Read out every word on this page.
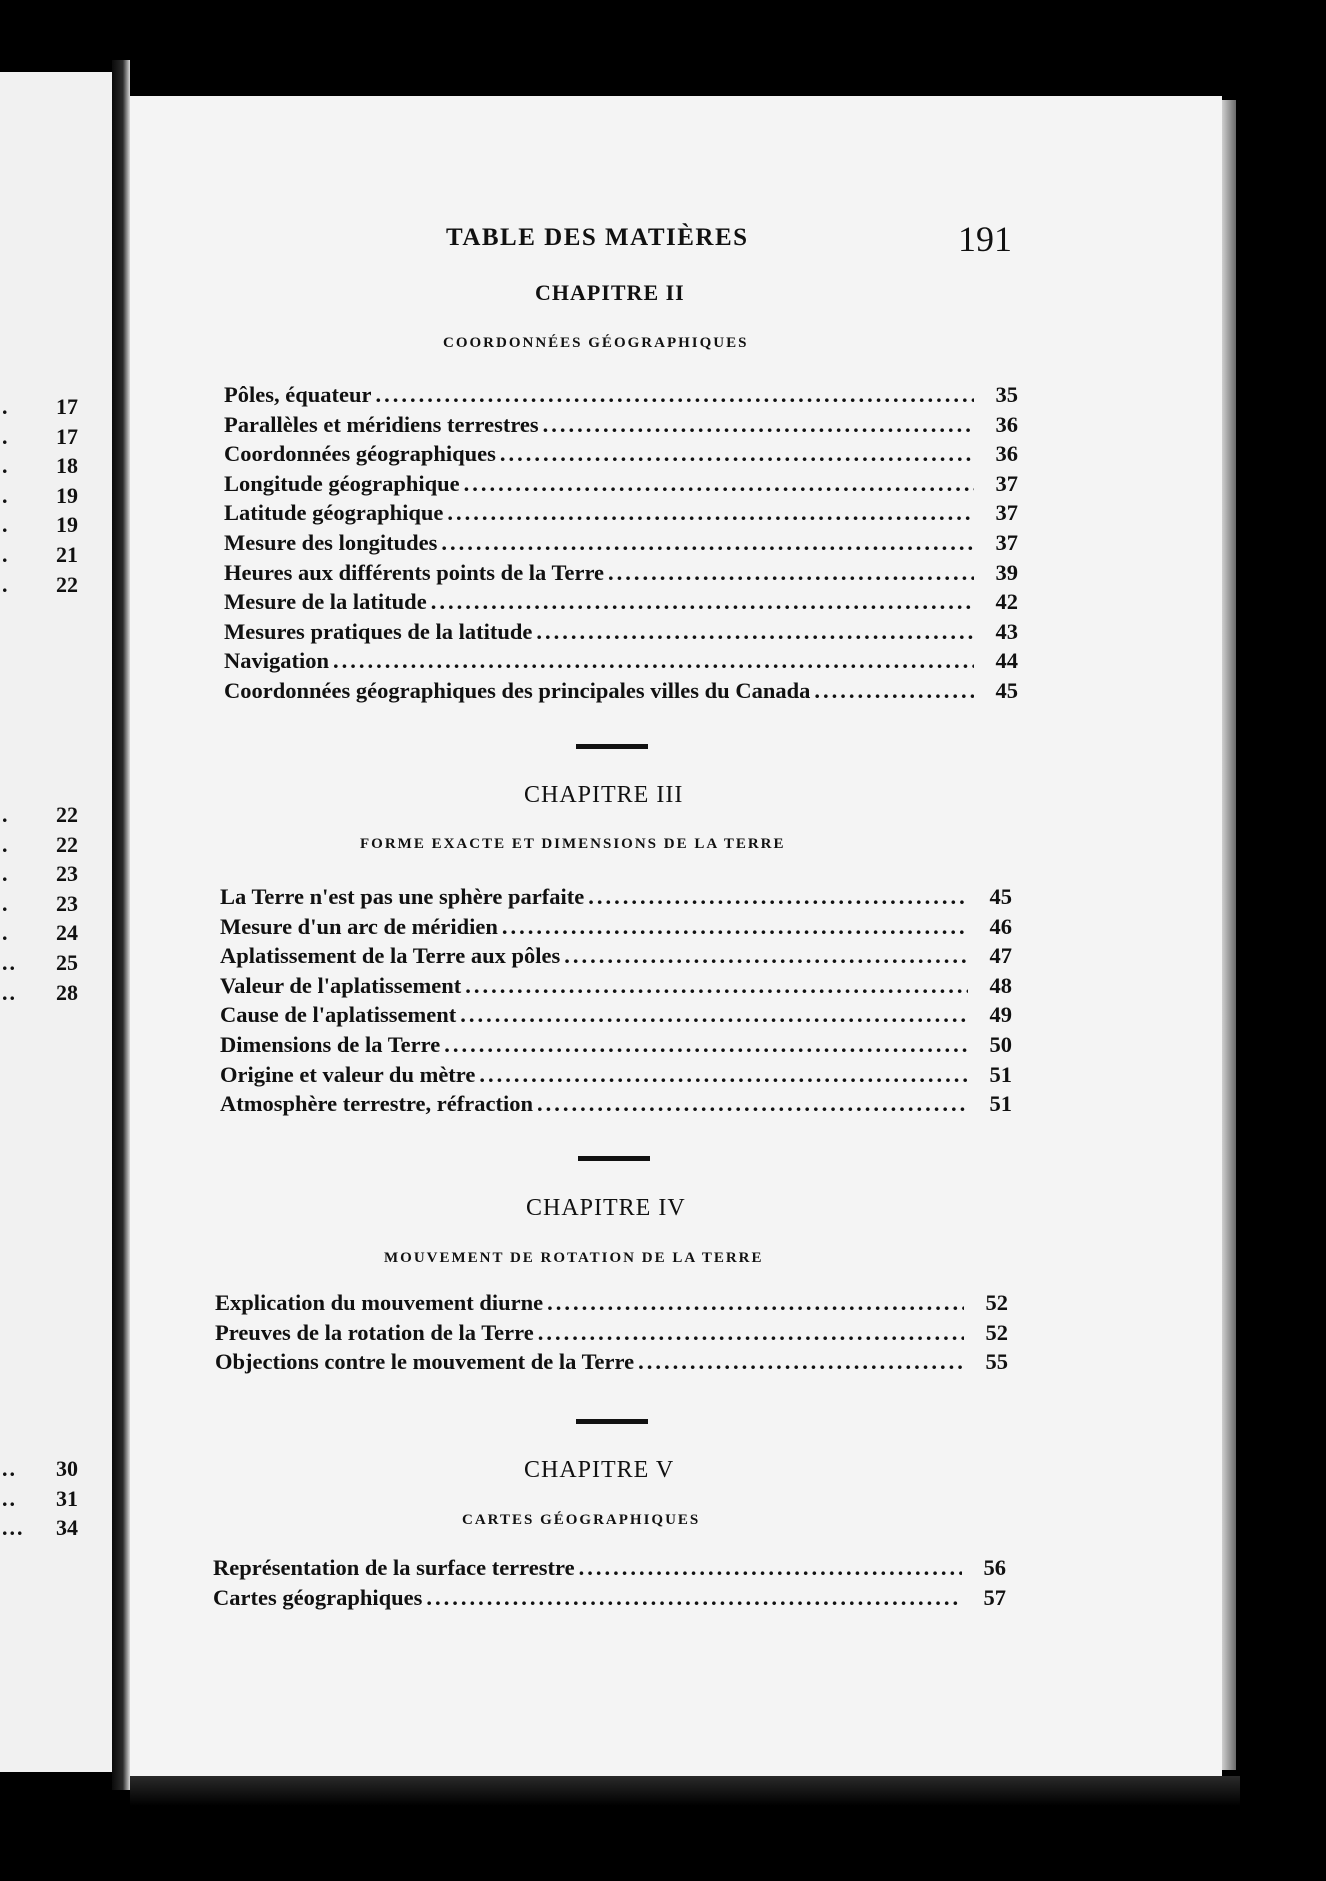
. 17
. 17
. 18
. 19
. 19
. 21
. 22
. 22
. 22
. 23
. 23
. 24
.. 25
.. 28
.. 30
.. 31
... 34
TABLE DES MATIÈRES	191
CHAPITRE II
COORDONNÉES GÉOGRAPHIQUES
Pôles, équateur .....	35
Parallèles et méridiens terrestres .....	36
Coordonnées géographiques .....	36
Longitude géographique .....	37
Latitude géographique .....	37
Mesure des longitudes .....	37
Heures aux différents points de la Terre .....	39
Mesure de la latitude .....	42
Mesures pratiques de la latitude .....	43
Navigation .....	44
Coordonnées géographiques des principales villes du Canada .....	45
CHAPITRE III
FORME EXACTE ET DIMENSIONS DE LA TERRE
La Terre n'est pas une sphère parfaite .....	45
Mesure d'un arc de méridien .....	46
Aplatissement de la Terre aux pôles .....	47
Valeur de l'aplatissement .....	48
Cause de l'aplatissement .....	49
Dimensions de la Terre .....	50
Origine et valeur du mètre .....	51
Atmosphère terrestre, réfraction .....	51
CHAPITRE IV
MOUVEMENT DE ROTATION DE LA TERRE
Explication du mouvement diurne .....	52
Preuves de la rotation de la Terre .....	52
Objections contre le mouvement de la Terre .....	55
CHAPITRE V
CARTES GÉOGRAPHIQUES
Représentation de la surface terrestre .....	56
Cartes géographiques .....	57
